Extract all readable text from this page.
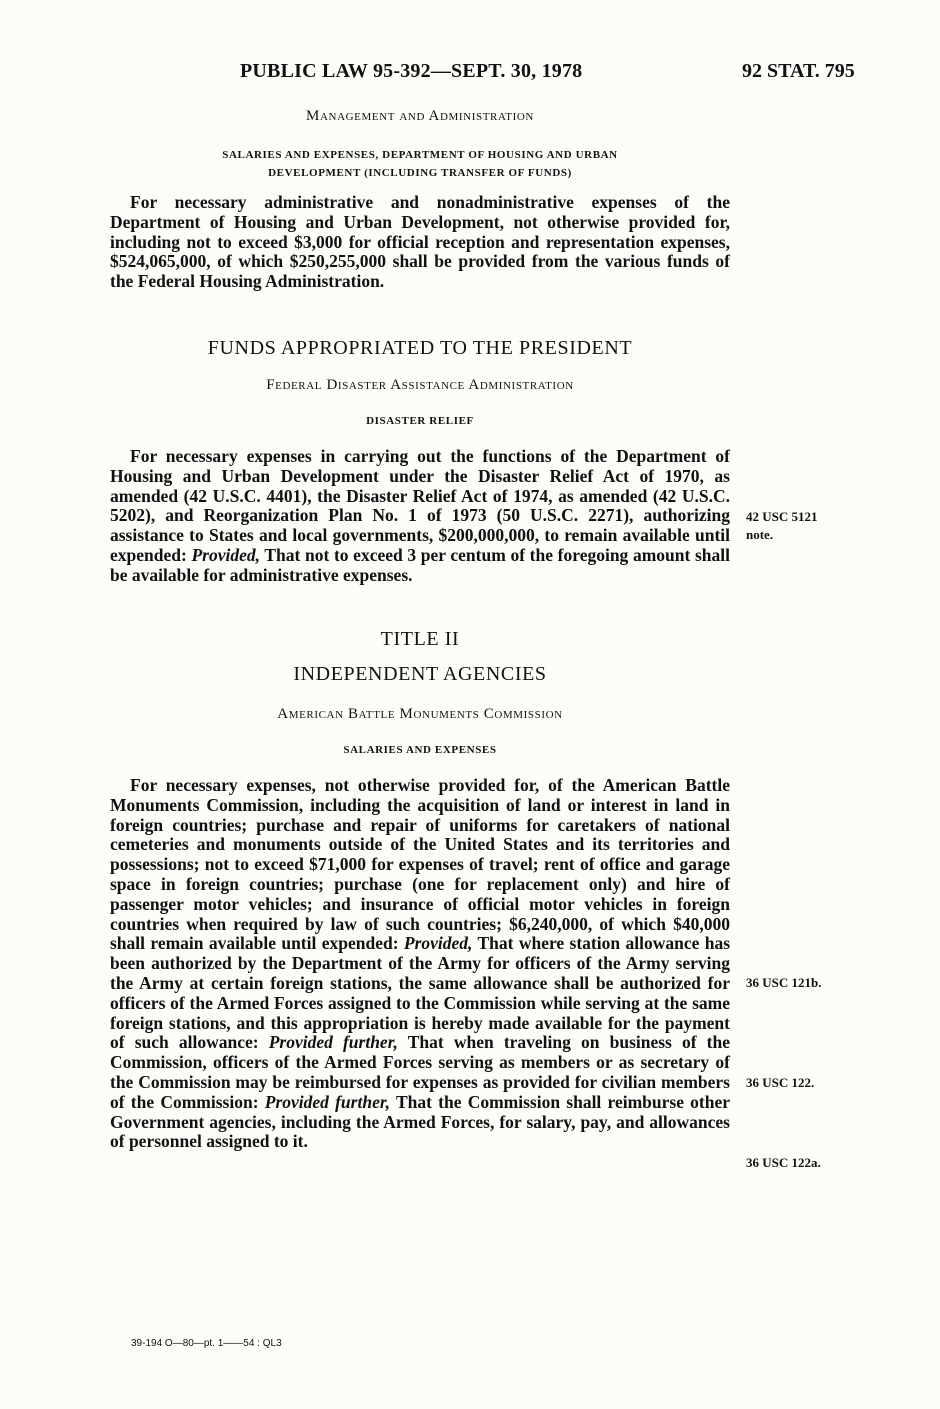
PUBLIC LAW 95-392—SEPT. 30, 1978	92 STAT. 795
Management and Administration
SALARIES AND EXPENSES, DEPARTMENT OF HOUSING AND URBAN
DEVELOPMENT (INCLUDING TRANSFER OF FUNDS)

For necessary administrative and nonadministrative expenses of the Department of Housing and Urban Development, not otherwise provided for, including not to exceed $3,000 for official reception and representation expenses, $524,065,000, of which $250,255,000 shall be provided from the various funds of the Federal Housing Administration.

FUNDS APPROPRIATED TO THE PRESIDENT
Federal Disaster Assistance Administration
DISASTER RELIEF

For necessary expenses in carrying out the functions of the Department of Housing and Urban Development under the Disaster Relief Act of 1970, as amended (42 U.S.C. 4401), the Disaster Relief Act of 1974, as amended (42 U.S.C. 5202), and Reorganization Plan No. 1 of 1973 (50 U.S.C. 2271), authorizing assistance to States and local governments, $200,000,000, to remain available until expended: Provided, That not to exceed 3 per centum of the foregoing amount shall be available for administrative expenses.

42 USC 5121
note.
TITLE II
INDEPENDENT AGENCIES
American Battle Monuments Commission
SALARIES AND EXPENSES

For necessary expenses, not otherwise provided for, of the American Battle Monuments Commission, including the acquisition of land or interest in land in foreign countries; purchase and repair of uniforms for caretakers of national cemeteries and monuments outside of the United States and its territories and possessions; not to exceed $71,000 for expenses of travel; rent of office and garage space in foreign countries; purchase (one for replacement only) and hire of passenger motor vehicles; and insurance of official motor vehicles in foreign countries when required by law of such countries; $6,240,000, of which $40,000 shall remain available until expended: Provided, That where station allowance has been authorized by the Department of the Army for officers of the Army serving the Army at certain foreign stations, the same allowance shall be authorized for officers of the Armed Forces assigned to the Commission while serving at the same foreign stations, and this appropriation is hereby made available for the payment of such allowance: Provided further, That when traveling on business of the Commission, officers of the Armed Forces serving as members or as secretary of the Commission may be reimbursed for expenses as provided for civilian members of the Commission: Provided further, That the Commission shall reimburse other Government agencies, including the Armed Forces, for salary, pay, and allowances of personnel assigned to it.

36 USC 121b.
36 USC 122.
36 USC 122a.
39-194 O—80—pt. 1——54 : QL3
